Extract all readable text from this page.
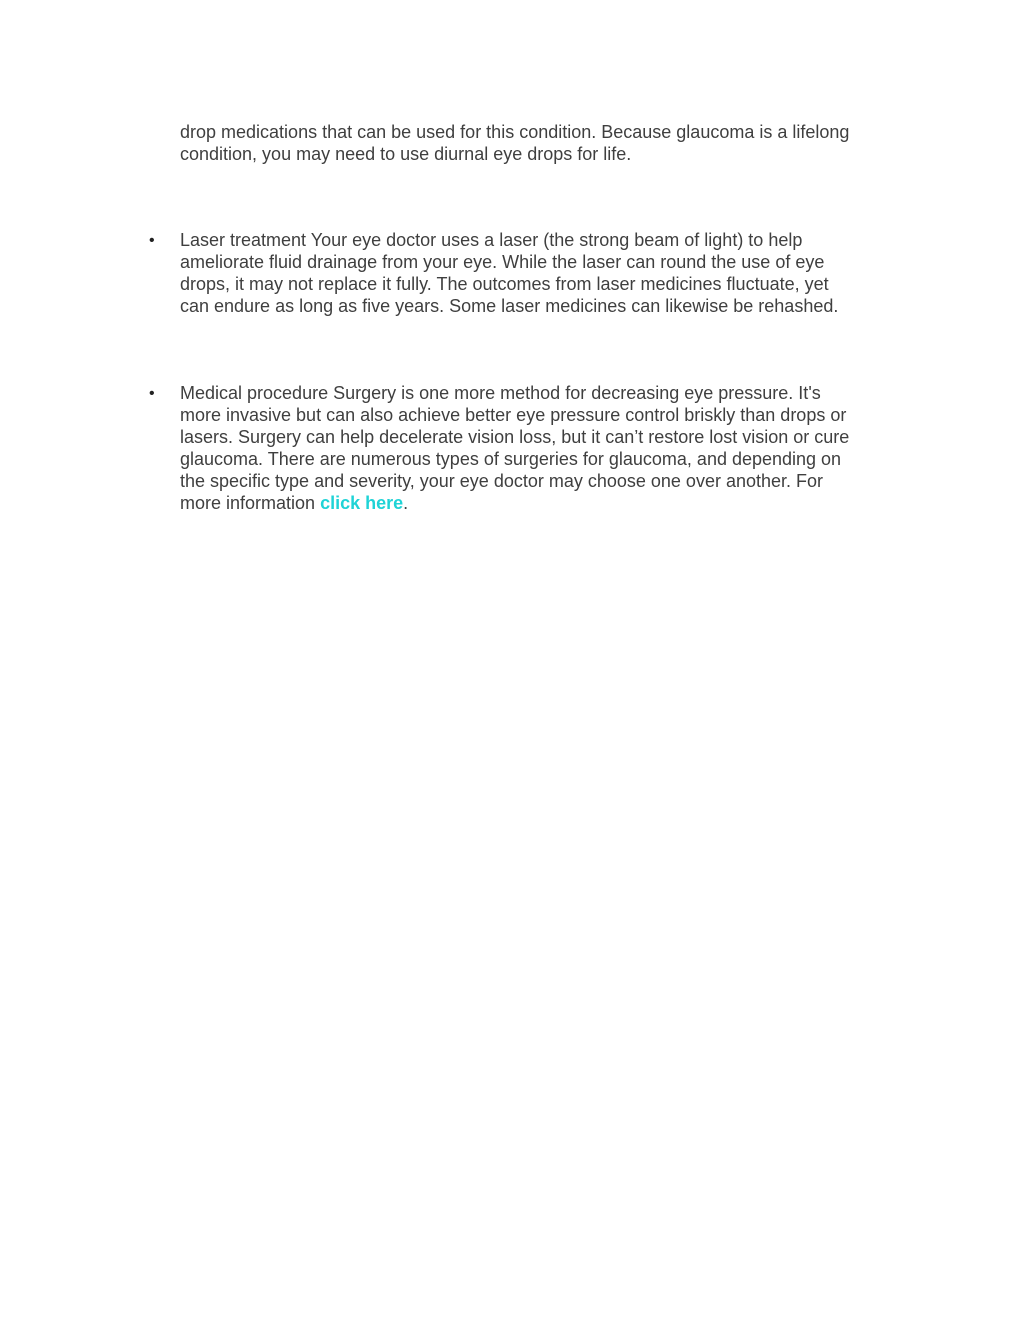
drop medications that can be used for this condition. Because glaucoma is a lifelong
condition, you may need to use diurnal eye drops for life.
• Laser treatment Your eye doctor uses a laser (the strong beam of light) to help
ameliorate fluid drainage from your eye. While the laser can round the use of eye
drops, it may not replace it fully. The outcomes from laser medicines fluctuate, yet
can endure as long as five years. Some laser medicines can likewise be rehashed.
• Medical procedure Surgery is one more method for decreasing eye pressure. It's
more invasive but can also achieve better eye pressure control briskly than drops or
lasers. Surgery can help decelerate vision loss, but it can’t restore lost vision or cure
glaucoma. There are numerous types of surgeries for glaucoma, and depending on
the specific type and severity, your eye doctor may choose one over another. For
more information click here.
